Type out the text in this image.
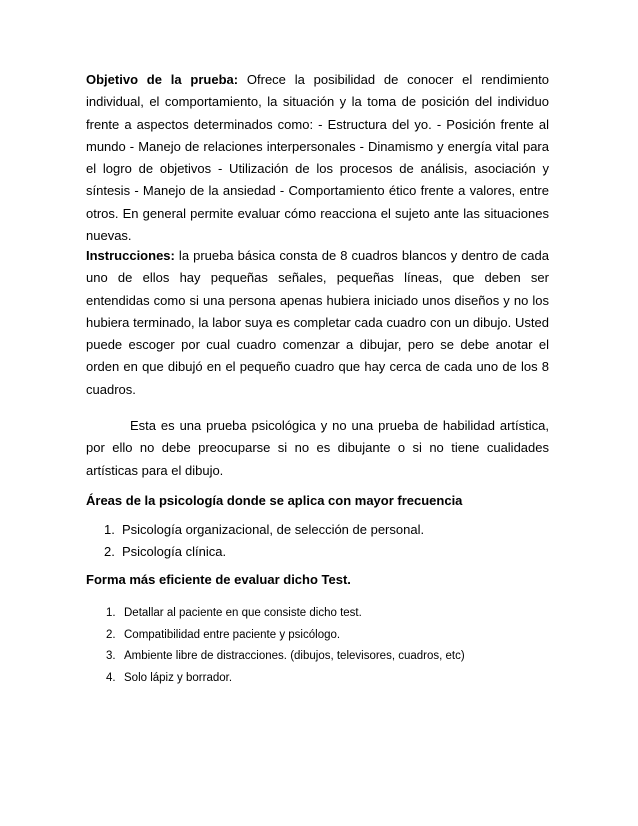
Objetivo de la prueba: Ofrece la posibilidad de conocer el rendimiento individual, el comportamiento, la situación y la toma de posición del individuo frente a aspectos determinados como: - Estructura del yo. - Posición frente al mundo - Manejo de relaciones interpersonales - Dinamismo y energía vital para el logro de objetivos - Utilización de los procesos de análisis, asociación y síntesis - Manejo de la ansiedad - Comportamiento ético frente a valores, entre otros. En general permite evaluar cómo reacciona el sujeto ante las situaciones nuevas.

Instrucciones: la prueba básica consta de 8 cuadros blancos y dentro de cada uno de ellos hay pequeñas señales, pequeñas líneas, que deben ser entendidas como si una persona apenas hubiera iniciado unos diseños y no los hubiera terminado, la labor suya es completar cada cuadro con un dibujo. Usted puede escoger por cual cuadro comenzar a dibujar, pero se debe anotar el orden en que dibujó en el pequeño cuadro que hay cerca de cada uno de los 8 cuadros.

Esta es una prueba psicológica y no una prueba de habilidad artística, por ello no debe preocuparse si no es dibujante o si no tiene cualidades artísticas para el dibujo.

Áreas de la psicología donde se aplica con mayor frecuencia
1. Psicología organizacional, de selección de personal.
2. Psicología clínica.
Forma más eficiente de evaluar dicho Test.
1. Detallar al paciente en que consiste dicho test.
2. Compatibilidad entre paciente y psicólogo.
3. Ambiente libre de distracciones. (dibujos, televisores, cuadros, etc)
4. Solo lápiz y borrador.
